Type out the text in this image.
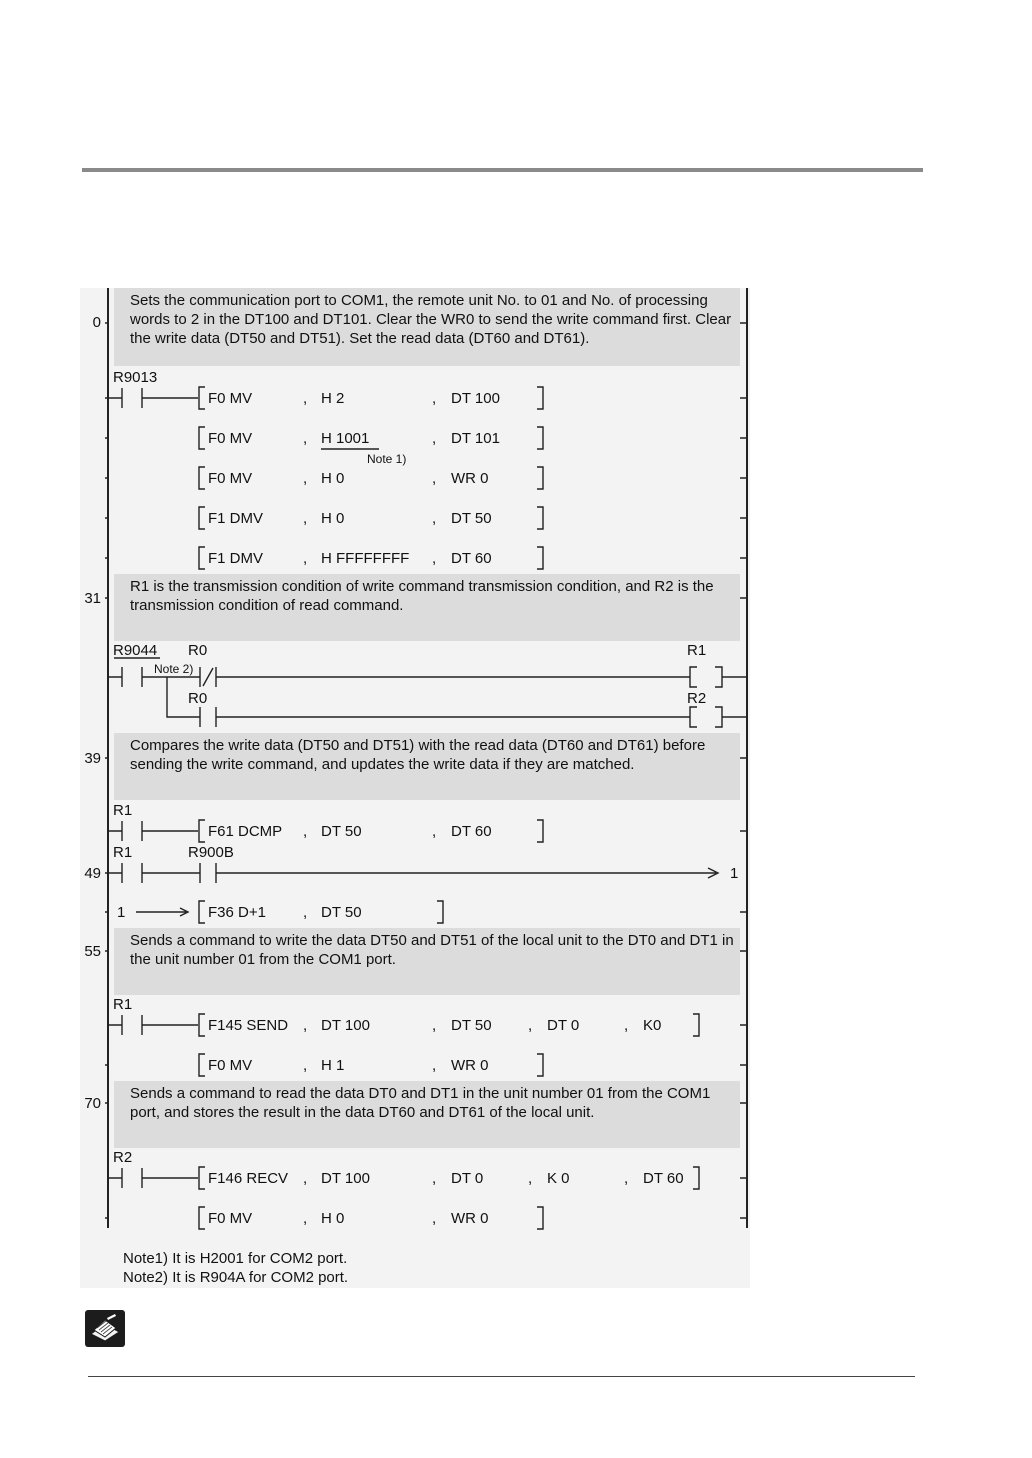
Sets the communication port to COM1, the remote unit No. to 01 and No. of processing words to 2 in the DT100 and DT101. Clear the WR0 to send the write command first. Clear the write data (DT50 and DT51). Set the read data (DT60 and DT61).
R1 is the transmission condition of write command transmission condition, and R2 is the transmission condition of read command.
Compares the write data (DT50 and DT51) with the read data (DT60 and DT61) before sending the write command, and updates the write data if they are matched.
Sends a command to write the data DT50 and DT51 of the local unit to the DT0 and DT1 in the unit number 01 from the COM1 port.
Sends a command to read the data DT0 and DT1 in the unit number 01 from the COM1 port, and stores the result in the data DT60 and DT61 of the local unit.
0
31
39
49
55
70
R9013
R9044
Note 2)
R0
R0
R1
R2
R1
R1	R900B
1
1
R1
R2
F0 MV	, H 2	, DT 100
F0 MV	, H 1001	, DT 101
Note 1)
F0 MV	, H 0	, WR 0
F1 DMV	, H 0	, DT 50
F1 DMV	, H FFFFFFFF , DT 60
F61 DCMP , DT 50	, DT 60
F36 D+1 , DT 50
F145 SEND , DT 100	, DT 50 , DT 0	, K0
F0 MV	, H 1	, WR 0
F146 RECV , DT 100	, DT 0	, K 0	, DT 60
F0 MV	, H 0	, WR 0
Note1) It is H2001 for COM2 port.
Note2) It is R904A for COM2 port.
